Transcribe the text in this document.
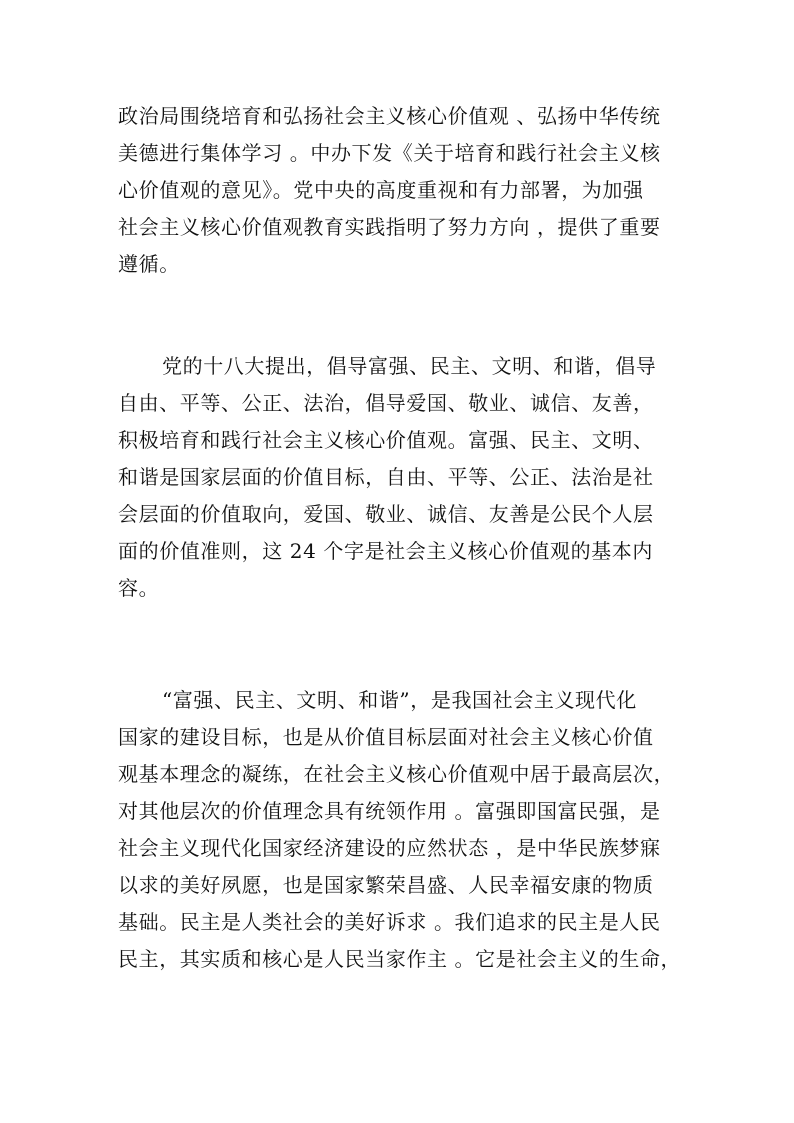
政治局围绕培育和弘扬社会主义核心价值观 、弘扬中华传统
美德进行集体学习 。中办下发《关于培育和践行社会主义核
心价值观的意见》。党中央的高度重视和有力部署，为加强
社会主义核心价值观教育实践指明了努力方向 ，提供了重要
遵循。
党的十八大提出，倡导富强、民主、文明、和谐，倡导
自由、平等、公正、法治，倡导爱国、敬业、诚信、友善，
积极培育和践行社会主义核心价值观。富强、民主、文明、
和谐是国家层面的价值目标，自由、平等、公正、法治是社
会层面的价值取向，爱国、敬业、诚信、友善是公民个人层
面的价值准则，这 24 个字是社会主义核心价值观的基本内
容。
“富强、民主、文明、和谐”，是我国社会主义现代化
国家的建设目标，也是从价值目标层面对社会主义核心价值
观基本理念的凝练，在社会主义核心价值观中居于最高层次，
对其他层次的价值理念具有统领作用 。富强即国富民强，是
社会主义现代化国家经济建设的应然状态 ，是中华民族梦寐
以求的美好夙愿，也是国家繁荣昌盛、人民幸福安康的物质
基础。民主是人类社会的美好诉求 。我们追求的民主是人民
民主，其实质和核心是人民当家作主 。它是社会主义的生命，
